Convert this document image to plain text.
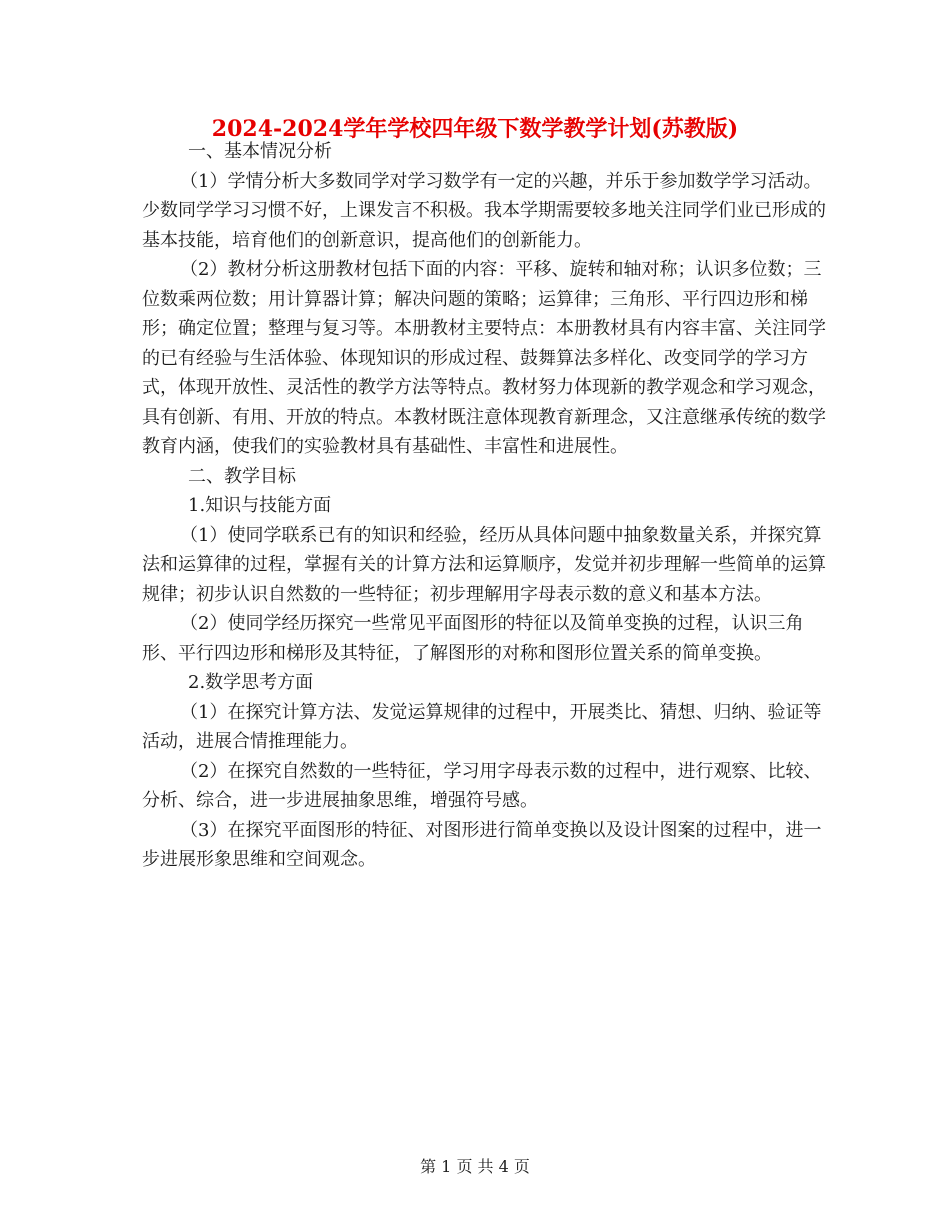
2024-2024学年学校四年级下数学教学计划(苏教版)

一、基本情况分析

（1）学情分析大多数同学对学习数学有一定的兴趣，并乐于参加数学学习活动。少数同学学习习惯不好，上课发言不积极。我本学期需要较多地关注同学们业已形成的基本技能，培育他们的创新意识，提高他们的创新能力。

（2）教材分析这册教材包括下面的内容：平移、旋转和轴对称；认识多位数；三位数乘两位数；用计算器计算；解决问题的策略；运算律；三角形、平行四边形和梯形；确定位置；整理与复习等。本册教材主要特点：本册教材具有内容丰富、关注同学的已有经验与生活体验、体现知识的形成过程、鼓舞算法多样化、改变同学的学习方式，体现开放性、灵活性的教学方法等特点。教材努力体现新的教学观念和学习观念，具有创新、有用、开放的特点。本教材既注意体现教育新理念，又注意继承传统的数学教育内涵，使我们的实验教材具有基础性、丰富性和进展性。

二、教学目标

1.知识与技能方面

（1）使同学联系已有的知识和经验，经历从具体问题中抽象数量关系，并探究算法和运算律的过程，掌握有关的计算方法和运算顺序，发觉并初步理解一些简单的运算规律；初步认识自然数的一些特征；初步理解用字母表示数的意义和基本方法。

（2）使同学经历探究一些常见平面图形的特征以及简单变换的过程，认识三角形、平行四边形和梯形及其特征，了解图形的对称和图形位置关系的简单变换。

2.数学思考方面

（1）在探究计算方法、发觉运算规律的过程中，开展类比、猜想、归纳、验证等活动，进展合情推理能力。

（2）在探究自然数的一些特征，学习用字母表示数的过程中，进行观察、比较、分析、综合，进一步进展抽象思维，增强符号感。

（3）在探究平面图形的特征、对图形进行简单变换以及设计图案的过程中，进一步进展形象思维和空间观念。

第 1 页 共 4 页
